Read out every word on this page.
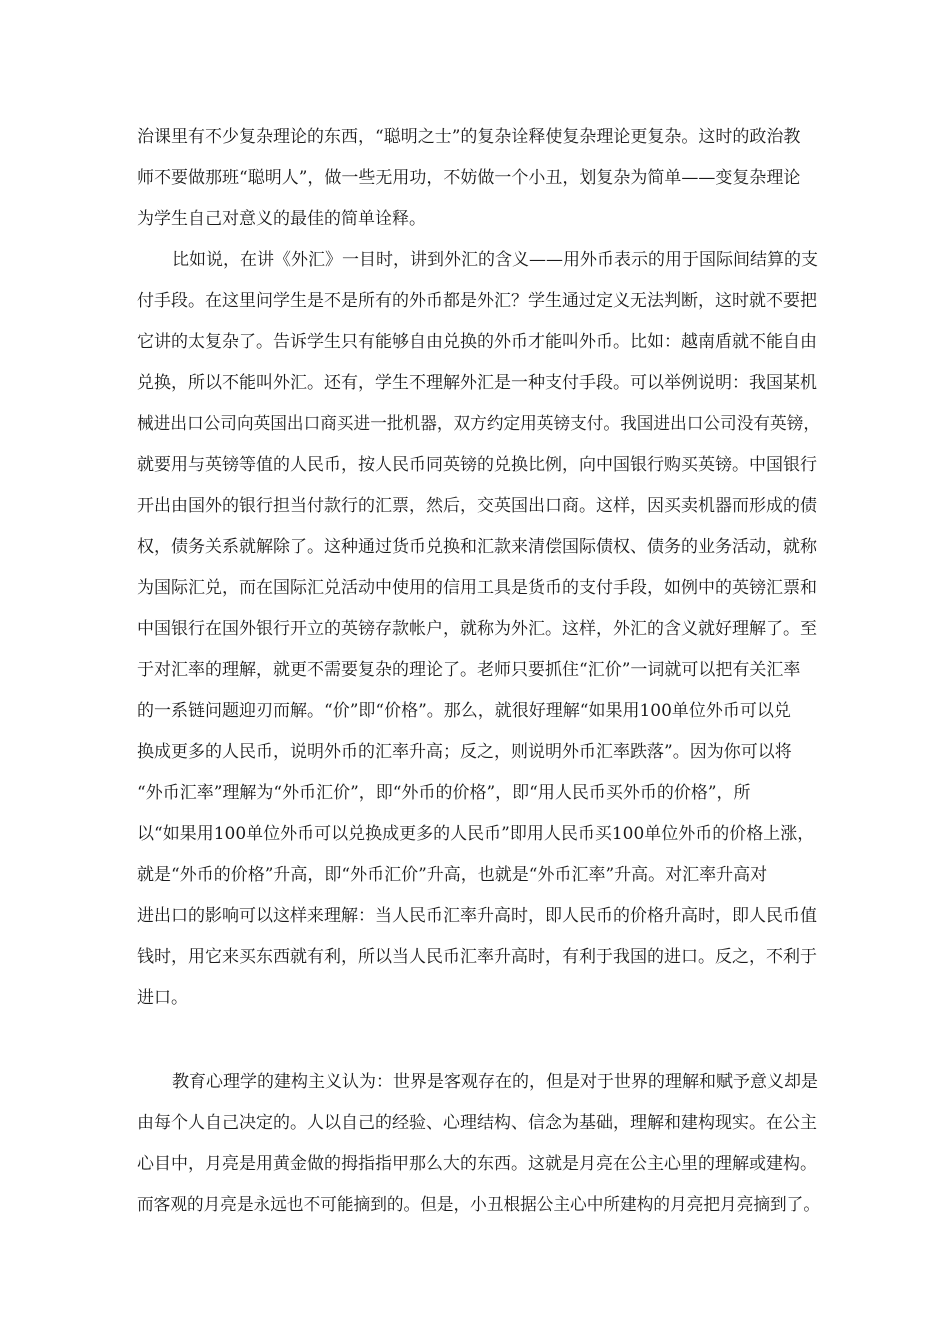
治课里有不少复杂理论的东西，“聪明之士”的复杂诠释使复杂理论更复杂。这时的政治教
师不要做那班“聪明人”，做一些无用功，不妨做一个小丑，划复杂为简单——变复杂理论
为学生自己对意义的最佳的简单诠释。
比如说，在讲《外汇》一目时，讲到外汇的含义——用外币表示的用于国际间结算的支
付手段。在这里问学生是不是所有的外币都是外汇？学生通过定义无法判断，这时就不要把
它讲的太复杂了。告诉学生只有能够自由兑换的外币才能叫外币。比如：越南盾就不能自由
兑换，所以不能叫外汇。还有，学生不理解外汇是一种支付手段。可以举例说明：我国某机
械进出口公司向英国出口商买进一批机器，双方约定用英镑支付。我国进出口公司没有英镑，
就要用与英镑等值的人民币，按人民币同英镑的兑换比例，向中国银行购买英镑。中国银行
开出由国外的银行担当付款行的汇票，然后，交英国出口商。这样，因买卖机器而形成的债
权，债务关系就解除了。这种通过货币兑换和汇款来清偿国际债权、债务的业务活动，就称
为国际汇兑，而在国际汇兑活动中使用的信用工具是货币的支付手段，如例中的英镑汇票和
中国银行在国外银行开立的英镑存款帐户，就称为外汇。这样，外汇的含义就好理解了。至
于对汇率的理解，就更不需要复杂的理论了。老师只要抓住“汇价”一词就可以把有关汇率
的一系链问题迎刃而解。“价”即“价格”。那么，就很好理解“如果用100单位外币可以兑
换成更多的人民币，说明外币的汇率升高；反之，则说明外币汇率跌落”。因为你可以将
“外币汇率”理解为“外币汇价”，即“外币的价格”，即“用人民币买外币的价格”，所
以“如果用100单位外币可以兑换成更多的人民币”即用人民币买100单位外币的价格上涨，
就是“外币的价格”升高，即“外币汇价”升高，也就是“外币汇率”升高。对汇率升高对
进出口的影响可以这样来理解：当人民币汇率升高时，即人民币的价格升高时，即人民币值
钱时，用它来买东西就有利，所以当人民币汇率升高时，有利于我国的进口。反之，不利于
进口。
教育心理学的建构主义认为：世界是客观存在的，但是对于世界的理解和赋予意义却是
由每个人自己决定的。人以自己的经验、心理结构、信念为基础，理解和建构现实。在公主
心目中，月亮是用黄金做的拇指指甲那么大的东西。这就是月亮在公主心里的理解或建构。
而客观的月亮是永远也不可能摘到的。但是，小丑根据公主心中所建构的月亮把月亮摘到了。
